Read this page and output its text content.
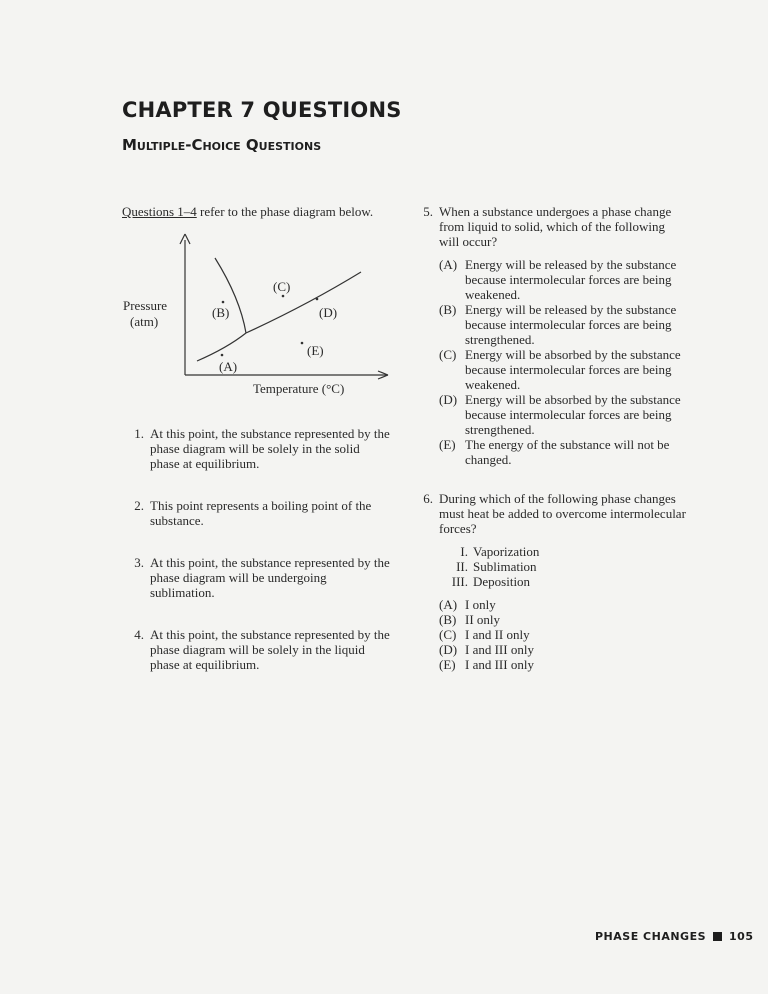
CHAPTER 7 QUESTIONS
Multiple-Choice Questions

Questions 1–4 refer to the phase diagram below.

(A)
(B)
(C)
(D)
(E)
Pressure
(atm)
Temperature (°C)
1. At this point, the substance represented by the phase diagram will be solely in the solid phase at equilibrium.
2. This point represents a boiling point of the substance.
3. At this point, the substance represented by the phase diagram will be undergoing sublimation.
4. At this point, the substance represented by the phase diagram will be solely in the liquid phase at equilibrium.
5. When a substance undergoes a phase change from liquid to solid, which of the following will occur?

(A) Energy will be released by the substance because intermolecular forces are being weakened.
(B) Energy will be released by the substance because intermolecular forces are being strengthened.
(C) Energy will be absorbed by the substance because intermolecular forces are being weakened.
(D) Energy will be absorbed by the substance because intermolecular forces are being strengthened.
(E) The energy of the substance will not be changed.
6. During which of the following phase changes must heat be added to overcome intermolecular forces?

I. Vaporization
II. Sublimation
III. Deposition
(A) I only
(B) II only
(C) I and II only
(D) I and III only
(E) I and III only
PHASE CHANGES 105
